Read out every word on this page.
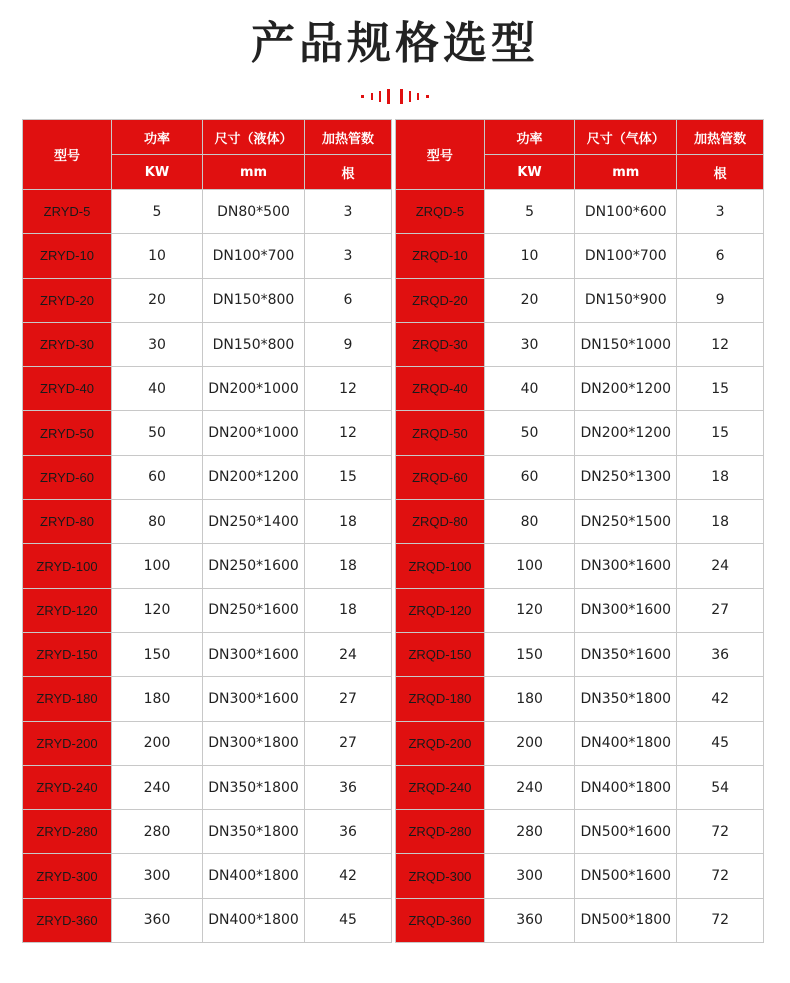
产品规格选型
型号	功率	尺寸（液体）	加热管数
	KW	mm	根
ZRYD-5	5	DN80*500	3
ZRYD-10	10	DN100*700	3
ZRYD-20	20	DN150*800	6
ZRYD-30	30	DN150*800	9
ZRYD-40	40	DN200*1000	12
ZRYD-50	50	DN200*1000	12
ZRYD-60	60	DN200*1200	15
ZRYD-80	80	DN250*1400	18
ZRYD-100	100	DN250*1600	18
ZRYD-120	120	DN250*1600	18
ZRYD-150	150	DN300*1600	24
ZRYD-180	180	DN300*1600	27
ZRYD-200	200	DN300*1800	27
ZRYD-240	240	DN350*1800	36
ZRYD-280	280	DN350*1800	36
ZRYD-300	300	DN400*1800	42
ZRYD-360	360	DN400*1800	45
型号	功率	尺寸（气体）	加热管数
	KW	mm	根
ZRQD-5	5	DN100*600	3
ZRQD-10	10	DN100*700	6
ZRQD-20	20	DN150*900	9
ZRQD-30	30	DN150*1000	12
ZRQD-40	40	DN200*1200	15
ZRQD-50	50	DN200*1200	15
ZRQD-60	60	DN250*1300	18
ZRQD-80	80	DN250*1500	18
ZRQD-100	100	DN300*1600	24
ZRQD-120	120	DN300*1600	27
ZRQD-150	150	DN350*1600	36
ZRQD-180	180	DN350*1800	42
ZRQD-200	200	DN400*1800	45
ZRQD-240	240	DN400*1800	54
ZRQD-280	280	DN500*1600	72
ZRQD-300	300	DN500*1600	72
ZRQD-360	360	DN500*1800	72
